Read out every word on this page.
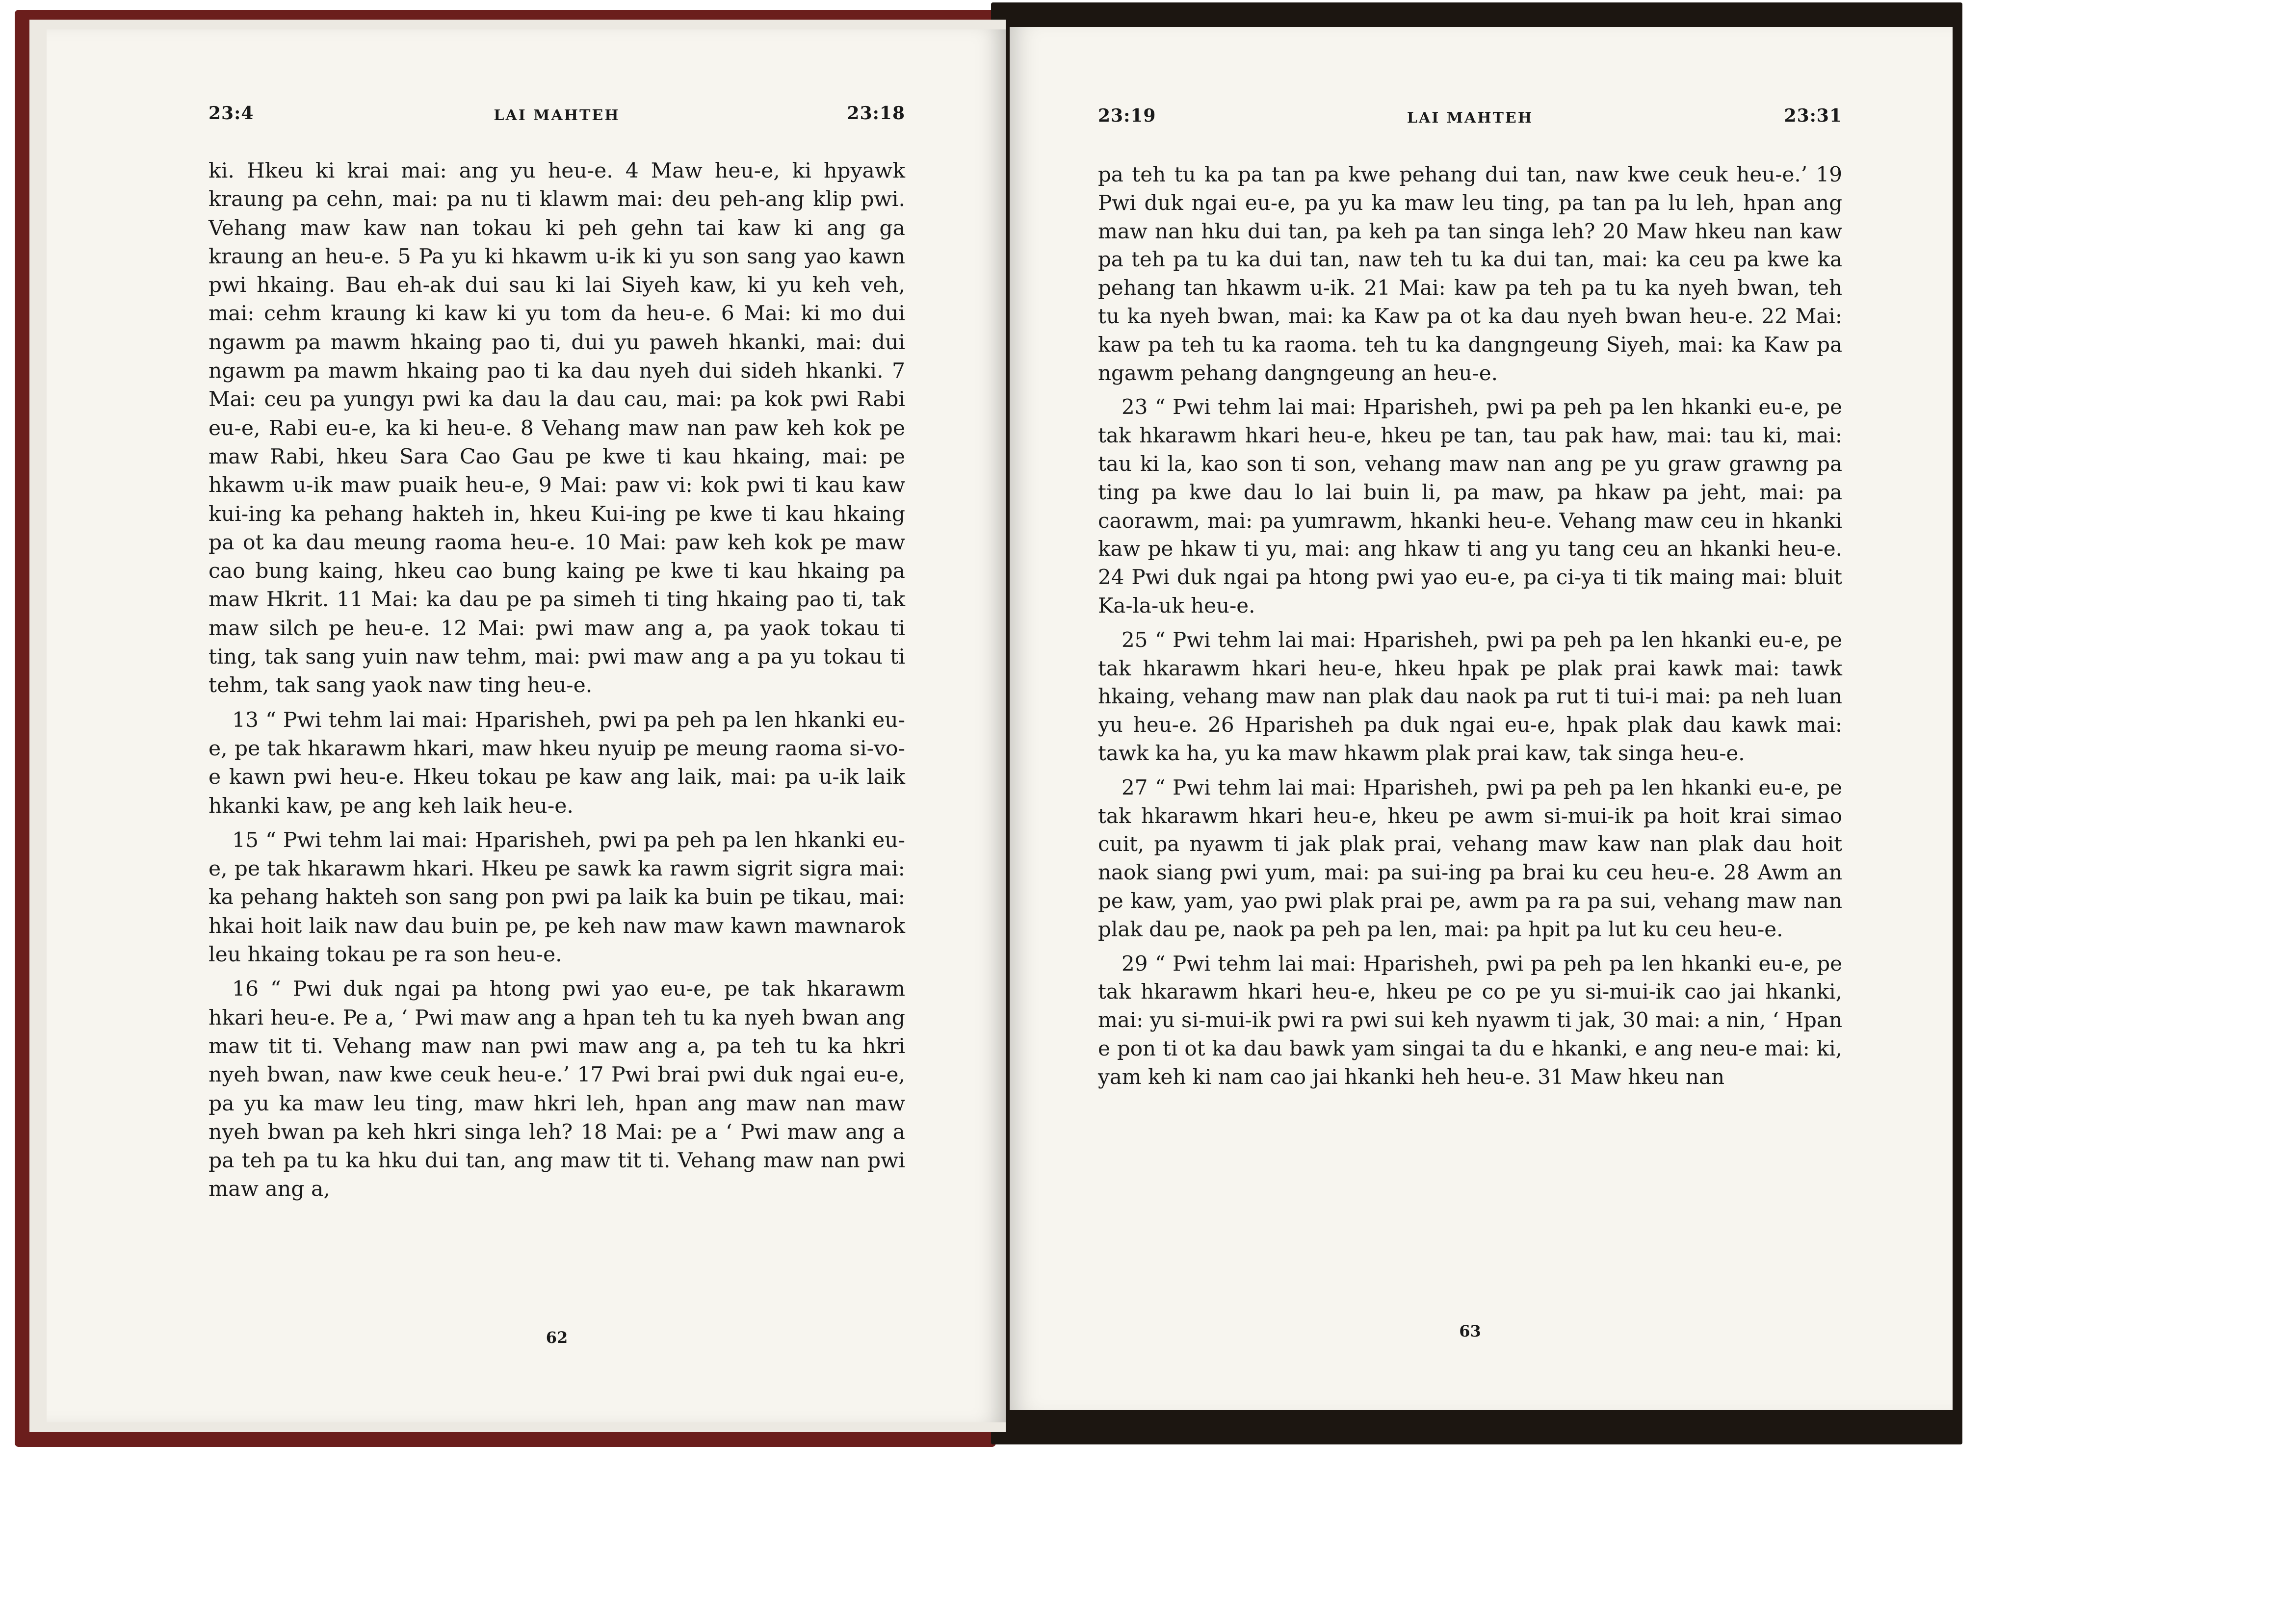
23:4	LAI MAHTEH	23:18

ki. Hkeu ki krai mai: ang yu heu-e. 4 Maw heu-e, ki hpyawk kraung pa cehn, mai: pa nu ti klawm mai: deu peh-ang klip pwi. Vehang maw kaw nan tokau ki peh gehn tai kaw ki ang ga kraung an heu-e. 5 Pa yu ki hkawm u-ik ki yu son sang yao kawn pwi hkaing. Bau eh-ak dui sau ki lai Siyeh kaw, ki yu keh veh, mai: cehm kraung ki kaw ki yu tom da heu-e. 6 Mai: ki mo dui ngawm pa mawm hkaing pao ti, dui yu paweh hkanki, mai: dui ngawm pa mawm hkaing pao ti ka dau nyeh dui sideh hkanki. 7 Mai: ceu pa yungyı pwi ka dau la dau cau, mai: pa kok pwi Rabi eu-e, Rabi eu-e, ka ki heu-e. 8 Vehang maw nan paw keh kok pe maw Rabi, hkeu Sara Cao Gau pe kwe ti kau hkaing, mai: pe hkawm u-ik maw puaik heu-e, 9 Mai: paw vi: kok pwi ti kau kaw kui-ing ka pehang hakteh in, hkeu Kui-ing pe kwe ti kau hkaing pa ot ka dau meung raoma heu-e. 10 Mai: paw keh kok pe maw cao bung kaing, hkeu cao bung kaing pe kwe ti kau hkaing pa maw Hkrit. 11 Mai: ka dau pe pa simeh ti ting hkaing pao ti, tak maw silch pe heu-e. 12 Mai: pwi maw ang a, pa yaok tokau ti ting, tak sang yuin naw tehm, mai: pwi maw ang a pa yu tokau ti tehm, tak sang yaok naw ting heu-e.

13 “ Pwi tehm lai mai: Hparisheh, pwi pa peh pa len hkanki eu-e, pe tak hkarawm hkari, maw hkeu nyuip pe meung raoma si-vo-e kawn pwi heu-e. Hkeu tokau pe kaw ang laik, mai: pa u-ik laik hkanki kaw, pe ang keh laik heu-e.

15 “ Pwi tehm lai mai: Hparisheh, pwi pa peh pa len hkanki eu-e, pe tak hkarawm hkari. Hkeu pe sawk ka rawm sigrit sigra mai: ka pehang hakteh son sang pon pwi pa laik ka buin pe tikau, mai: hkai hoit laik naw dau buin pe, pe keh naw maw kawn mawnarok leu hkaing tokau pe ra son heu-e.

16 “ Pwi duk ngai pa htong pwi yao eu-e, pe tak hkarawm hkari heu-e. Pe a, ‘ Pwi maw ang a hpan teh tu ka nyeh bwan ang maw tit ti. Vehang maw nan pwi maw ang a, pa teh tu ka hkri nyeh bwan, naw kwe ceuk heu-e.’ 17 Pwi brai pwi duk ngai eu-e, pa yu ka maw leu ting, maw hkri leh, hpan ang maw nan maw nyeh bwan pa keh hkri singa leh? 18 Mai: pe a ‘ Pwi maw ang a pa teh pa tu ka hku dui tan, ang maw tit ti. Vehang maw nan pwi maw ang a,

62
23:19	LAI MAHTEH	23:31

pa teh tu ka pa tan pa kwe pehang dui tan, naw kwe ceuk heu-e.’ 19 Pwi duk ngai eu-e, pa yu ka maw leu ting, pa tan pa lu leh, hpan ang maw nan hku dui tan, pa keh pa tan singa leh? 20 Maw hkeu nan kaw pa teh pa tu ka dui tan, naw teh tu ka dui tan, mai: ka ceu pa kwe ka pehang tan hkawm u-ik. 21 Mai: kaw pa teh pa tu ka nyeh bwan, teh tu ka nyeh bwan, mai: ka Kaw pa ot ka dau nyeh bwan heu-e. 22 Mai: kaw pa teh tu ka raoma. teh tu ka dangngeung Siyeh, mai: ka Kaw pa ngawm pehang dangngeung an heu-e.

23 “ Pwi tehm lai mai: Hparisheh, pwi pa peh pa len hkanki eu-e, pe tak hkarawm hkari heu-e, hkeu pe tan, tau pak haw, mai: tau ki, mai: tau ki la, kao son ti son, vehang maw nan ang pe yu graw grawng pa ting pa kwe dau lo lai buin li, pa maw, pa hkaw pa jeht, mai: pa caorawm, mai: pa yumrawm, hkanki heu-e. Vehang maw ceu in hkanki kaw pe hkaw ti yu, mai: ang hkaw ti ang yu tang ceu an hkanki heu-e. 24 Pwi duk ngai pa htong pwi yao eu-e, pa ci-ya ti tik maing mai: bluit Ka-la-uk heu-e.

25 “ Pwi tehm lai mai: Hparisheh, pwi pa peh pa len hkanki eu-e, pe tak hkarawm hkari heu-e, hkeu hpak pe plak prai kawk mai: tawk hkaing, vehang maw nan plak dau naok pa rut ti tui-i mai: pa neh luan yu heu-e. 26 Hparisheh pa duk ngai eu-e, hpak plak dau kawk mai: tawk ka ha, yu ka maw hkawm plak prai kaw, tak singa heu-e.

27 “ Pwi tehm lai mai: Hparisheh, pwi pa peh pa len hkanki eu-e, pe tak hkarawm hkari heu-e, hkeu pe awm si-mui-ik pa hoit krai simao cuit, pa nyawm ti jak plak prai, vehang maw kaw nan plak dau hoit naok siang pwi yum, mai: pa sui-ing pa brai ku ceu heu-e. 28 Awm an pe kaw, yam, yao pwi plak prai pe, awm pa ra pa sui, vehang maw nan plak dau pe, naok pa peh pa len, mai: pa hpit pa lut ku ceu heu-e.

29 “ Pwi tehm lai mai: Hparisheh, pwi pa peh pa len hkanki eu-e, pe tak hkarawm hkari heu-e, hkeu pe co pe yu si-mui-ik cao jai hkanki, mai: yu si-mui-ik pwi ra pwi sui keh nyawm ti jak, 30 mai: a nin, ‘ Hpan e pon ti ot ka dau bawk yam singai ta du e hkanki, e ang neu-e mai: ki, yam keh ki nam cao jai hkanki heh heu-e. 31 Maw hkeu nan

63
